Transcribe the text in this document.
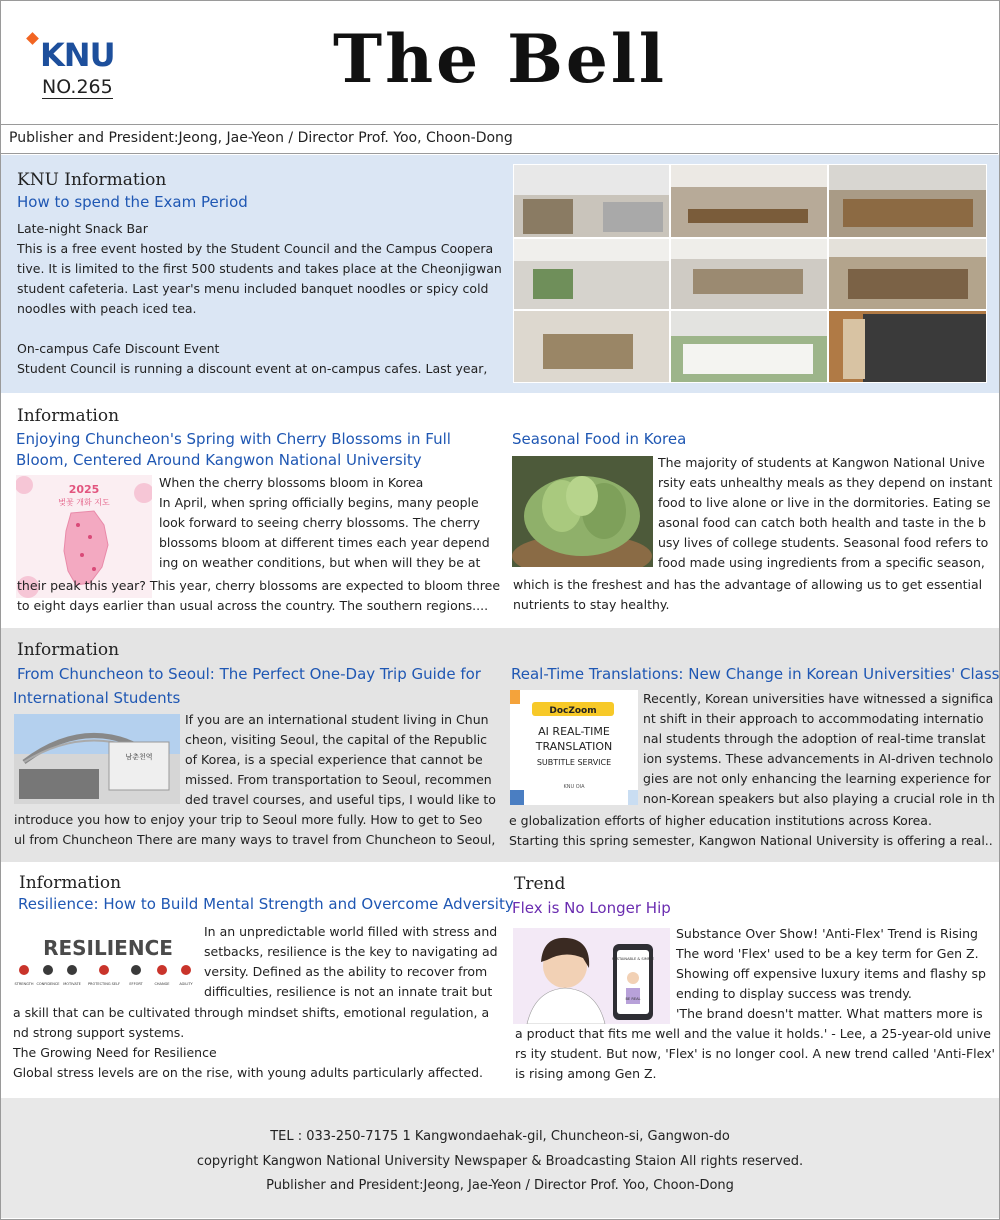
KNU
NO.265	The Bell
Publisher and President:Jeong, Jae-Yeon / Director Prof. Yoo, Choon-Dong
KNU Information
How to spend the Exam Period

Late-night Snack Bar

This is a free event hosted by the Student Council and the Campus Coopera

tive. It is limited to the first 500 students and takes place at the Cheonjigwan

student cafeteria. Last year's menu included banquet noodles or spicy cold

noodles with peach iced tea.

On-campus Cafe Discount Event

Student Council is running a discount event at on-campus cafes. Last year,

Information
Enjoying Chuncheon's Spring with Cherry Blossoms in Full Bloom, Centered Around Kangwon National University
2025
벚꽃 개화 지도

When the cherry blossoms bloom in Korea

In April, when spring officially begins, many people

look forward to seeing cherry blossoms. The cherry

blossoms bloom at different times each year depend

ing on weather conditions, but when will they be at

their peak this year? This year, cherry blossoms are expected to bloom three

to eight days earlier than usual across the country. The southern regions....

Seasonal Food in Korea

The majority of students at Kangwon National Unive

rsity eats unhealthy meals as they depend on instant

food to live alone or live in the dormitories. Eating se

asonal food can catch both health and taste in the b

usy lives of college students. Seasonal food refers to

food made using ingredients from a specific season,

which is the freshest and has the advantage of allowing us to get essential

nutrients to stay healthy.

Information
From Chuncheon to Seoul: The Perfect One-Day Trip Guide for
International Students
남춘천역

If you are an international student living in Chun

cheon, visiting Seoul, the capital of the Republic

of Korea, is a special experience that cannot be

missed. From transportation to Seoul, recommen

ded travel courses, and useful tips, I would like to

introduce you how to enjoy your trip to Seoul more fully. How to get to Seo

ul from Chuncheon There are many ways to travel from Chuncheon to Seoul,

Real-Time Translations: New Change in Korean Universities' Class
DocZoom
AI REAL-TIME
TRANSLATION
SUBTITLE SERVICE
KNU OIA

Recently, Korean universities have witnessed a significa

nt shift in their approach to accommodating internatio

nal students through the adoption of real-time translat

ion systems. These advancements in AI-driven technolo

gies are not only enhancing the learning experience for

non-Korean speakers but also playing a crucial role in th

e globalization efforts of higher education institutions across Korea.

Starting this spring semester, Kangwon National University is offering a real..

Information
Resilience: How to Build Mental Strength and Overcome Adversity
RESILIENCE
STRENGTH CONFIDENCE MOTIVATE PROTECTING SELF	EFFORT	CHANGE	AGILITY

In an unpredictable world filled with stress and

setbacks, resilience is the key to navigating ad

versity. Defined as the ability to recover from

difficulties, resilience is not an innate trait but

a skill that can be cultivated through mindset shifts, emotional regulation, a

nd strong support systems.

The Growing Need for Resilience

Global stress levels are on the rise, with young adults particularly affected.

Trend
Flex is No Longer Hip
SUSTAINABLE & SIMPLE
BE REAL

Substance Over Show! 'Anti-Flex' Trend is Rising

The word 'Flex' used to be a key term for Gen Z.

Showing off expensive luxury items and flashy sp

ending to display success was trendy.

'The brand doesn't matter. What matters more is

a product that fits me well and the value it holds.' - Lee, a 25-year-old unive

rs ity student. But now, 'Flex' is no longer cool. A new trend called 'Anti-Flex'

is rising among Gen Z.

TEL : 033-250-7175 1 Kangwondaehak-gil, Chuncheon-si, Gangwon-do
copyright Kangwon National University Newspaper & Broadcasting Staion All rights reserved.
Publisher and President:Jeong, Jae-Yeon / Director Prof. Yoo, Choon-Dong
